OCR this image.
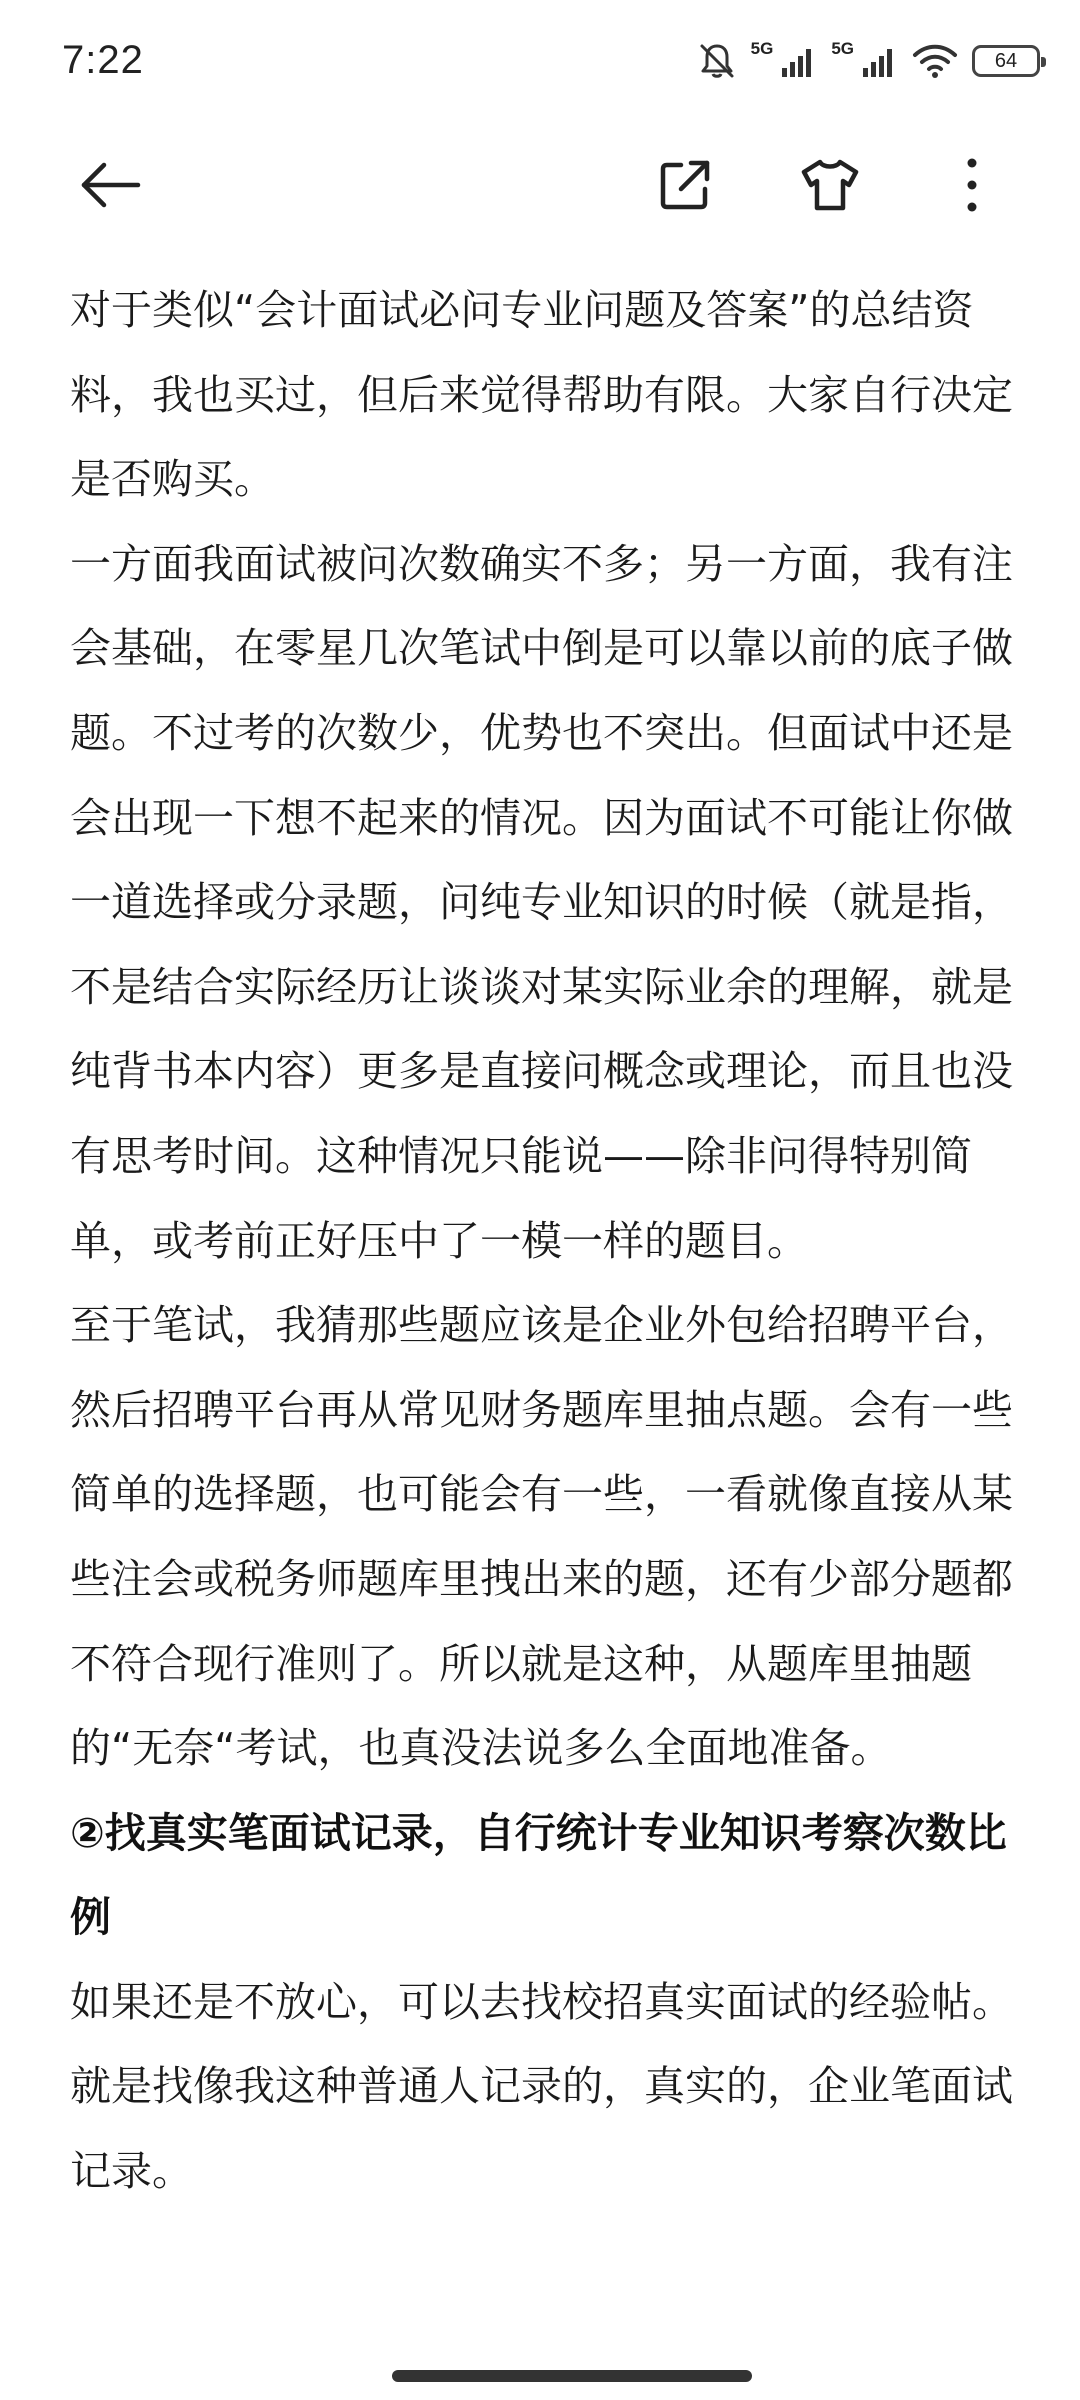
7:22	5G	5G
64

对于类似“会计面试必问专业问题及答案”的总结资料，我也买过，但后来觉得帮助有限。大家自行决定是否购买。

一方面我面试被问次数确实不多；另一方面，我有注会基础，在零星几次笔试中倒是可以靠以前的底子做题。不过考的次数少，优势也不突出。但面试中还是会出现一下想不起来的情况。因为面试不可能让你做一道选择或分录题，问纯专业知识的时候（就是指，不是结合实际经历让谈谈对某实际业余的理解，就是纯背书本内容）更多是直接问概念或理论，而且也没有思考时间。这种情况只能说——除非问得特别简单，或考前正好压中了一模一样的题目。

至于笔试，我猜那些题应该是企业外包给招聘平台，然后招聘平台再从常见财务题库里抽点题。会有一些简单的选择题，也可能会有一些，一看就像直接从某些注会或税务师题库里拽出来的题，还有少部分题都不符合现行准则了。所以就是这种，从题库里抽题的“无奈“考试，也真没法说多么全面地准备。

②找真实笔面试记录，自行统计专业知识考察次数比例

如果还是不放心，可以去找校招真实面试的经验帖。就是找像我这种普通人记录的，真实的，企业笔面试记录。
